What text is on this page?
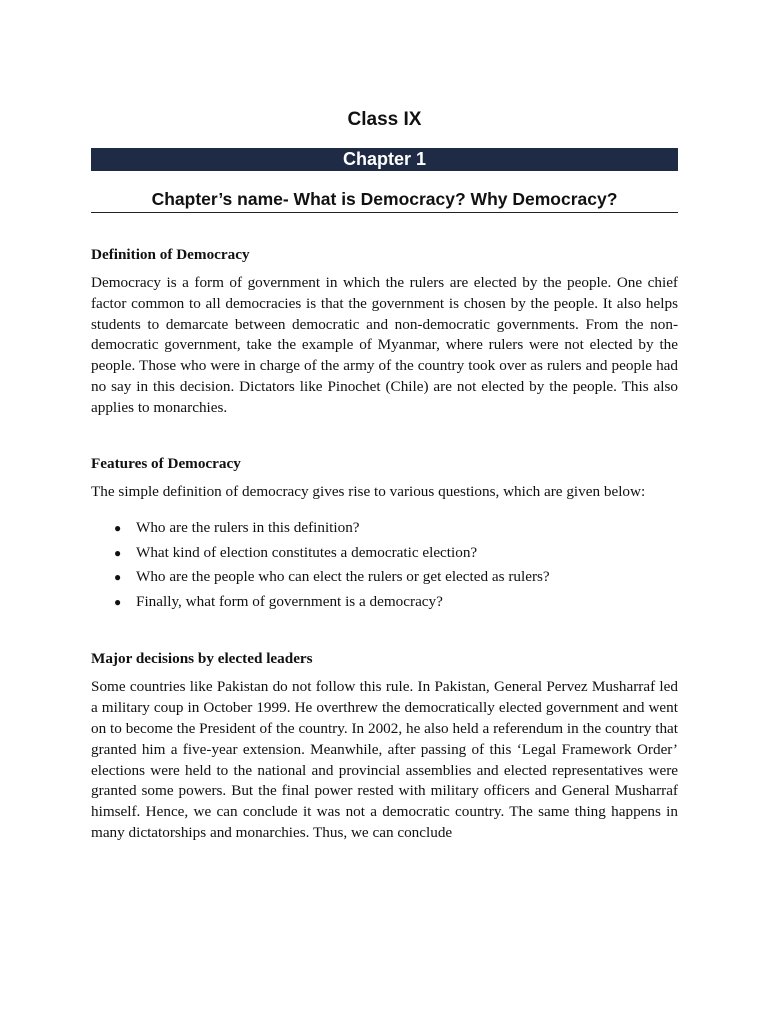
Class IX
Chapter 1
Chapter’s name- What is Democracy? Why Democracy?
Definition of Democracy

Democracy is a form of government in which the rulers are elected by the people. One chief factor common to all democracies is that the government is chosen by the people. It also helps students to demarcate between democratic and non-democratic governments. From the non-democratic government, take the example of Myanmar, where rulers were not elected by the people. Those who were in charge of the army of the country took over as rulers and people had no say in this decision. Dictators like Pinochet (Chile) are not elected by the people. This also applies to monarchies.

Features of Democracy

The simple definition of democracy gives rise to various questions, which are given below:

● Who are the rulers in this definition?
● What kind of election constitutes a democratic election?
● Who are the people who can elect the rulers or get elected as rulers?
● Finally, what form of government is a democracy?
Major decisions by elected leaders

Some countries like Pakistan do not follow this rule. In Pakistan, General Pervez Musharraf led a military coup in October 1999. He overthrew the democratically elected government and went on to become the President of the country. In 2002, he also held a referendum in the country that granted him a five-year extension. Meanwhile, after passing of this ‘Legal Framework Order’ elections were held to the national and provincial assemblies and elected representatives were granted some powers. But the final power rested with military officers and General Musharraf himself. Hence, we can conclude it was not a democratic country. The same thing happens in many dictatorships and monarchies. Thus, we can conclude
